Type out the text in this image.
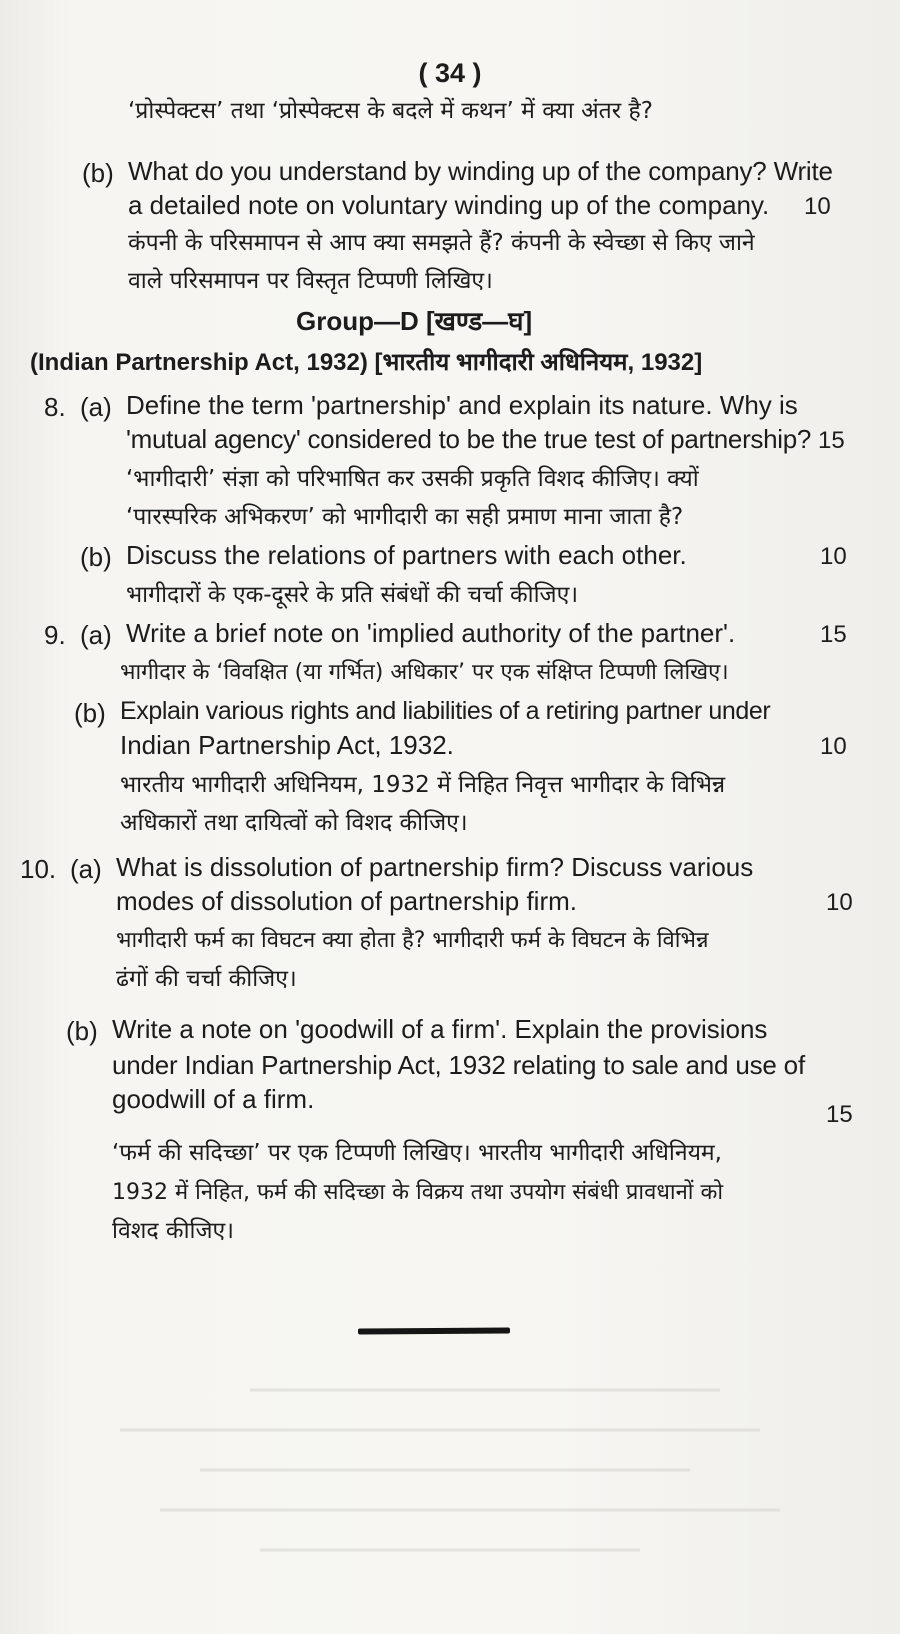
( 34 )
‘प्रोस्पेक्टस’ तथा ‘प्रोस्पेक्टस के बदले में कथन’ में क्या अंतर है?
(b) What do you understand by winding up of the company? Write
a detailed note on voluntary winding up of the company. 10
कंपनी के परिसमापन से आप क्या समझते हैं? कंपनी के स्वेच्छा से किए जाने
वाले परिसमापन पर विस्तृत टिप्पणी लिखिए।
Group—D [खण्ड—घ]
(Indian Partnership Act, 1932) [भारतीय भागीदारी अधिनियम, 1932]
8. (a) Define the term 'partnership' and explain its nature. Why is
'mutual agency' considered to be the true test of partnership? 15
‘भागीदारी’ संज्ञा को परिभाषित कर उसकी प्रकृति विशद कीजिए। क्यों
‘पारस्परिक अभिकरण’ को भागीदारी का सही प्रमाण माना जाता है?
(b) Discuss the relations of partners with each other.	10
भागीदारों के एक-दूसरे के प्रति संबंधों की चर्चा कीजिए।
9. (a) Write a brief note on 'implied authority of the partner'.	15
भागीदार के ‘विवक्षित (या गर्भित) अधिकार’ पर एक संक्षिप्त टिप्पणी लिखिए।
(b) Explain various rights and liabilities of a retiring partner under
Indian Partnership Act, 1932.	10
भारतीय भागीदारी अधिनियम, 1932 में निहित निवृत्त भागीदार के विभिन्न
अधिकारों तथा दायित्वों को विशद कीजिए।
10. (a) What is dissolution of partnership firm? Discuss various
modes of dissolution of partnership firm.	10
भागीदारी फर्म का विघटन क्या होता है? भागीदारी फर्म के विघटन के विभिन्न
ढंगों की चर्चा कीजिए।
(b) Write a note on 'goodwill of a firm'. Explain the provisions
under Indian Partnership Act, 1932 relating to sale and use of
goodwill of a firm.
15
‘फर्म की सदिच्छा’ पर एक टिप्पणी लिखिए। भारतीय भागीदारी अधिनियम,
1932 में निहित, फर्म की सदिच्छा के विक्रय तथा उपयोग संबंधी प्रावधानों को
विशद कीजिए।
